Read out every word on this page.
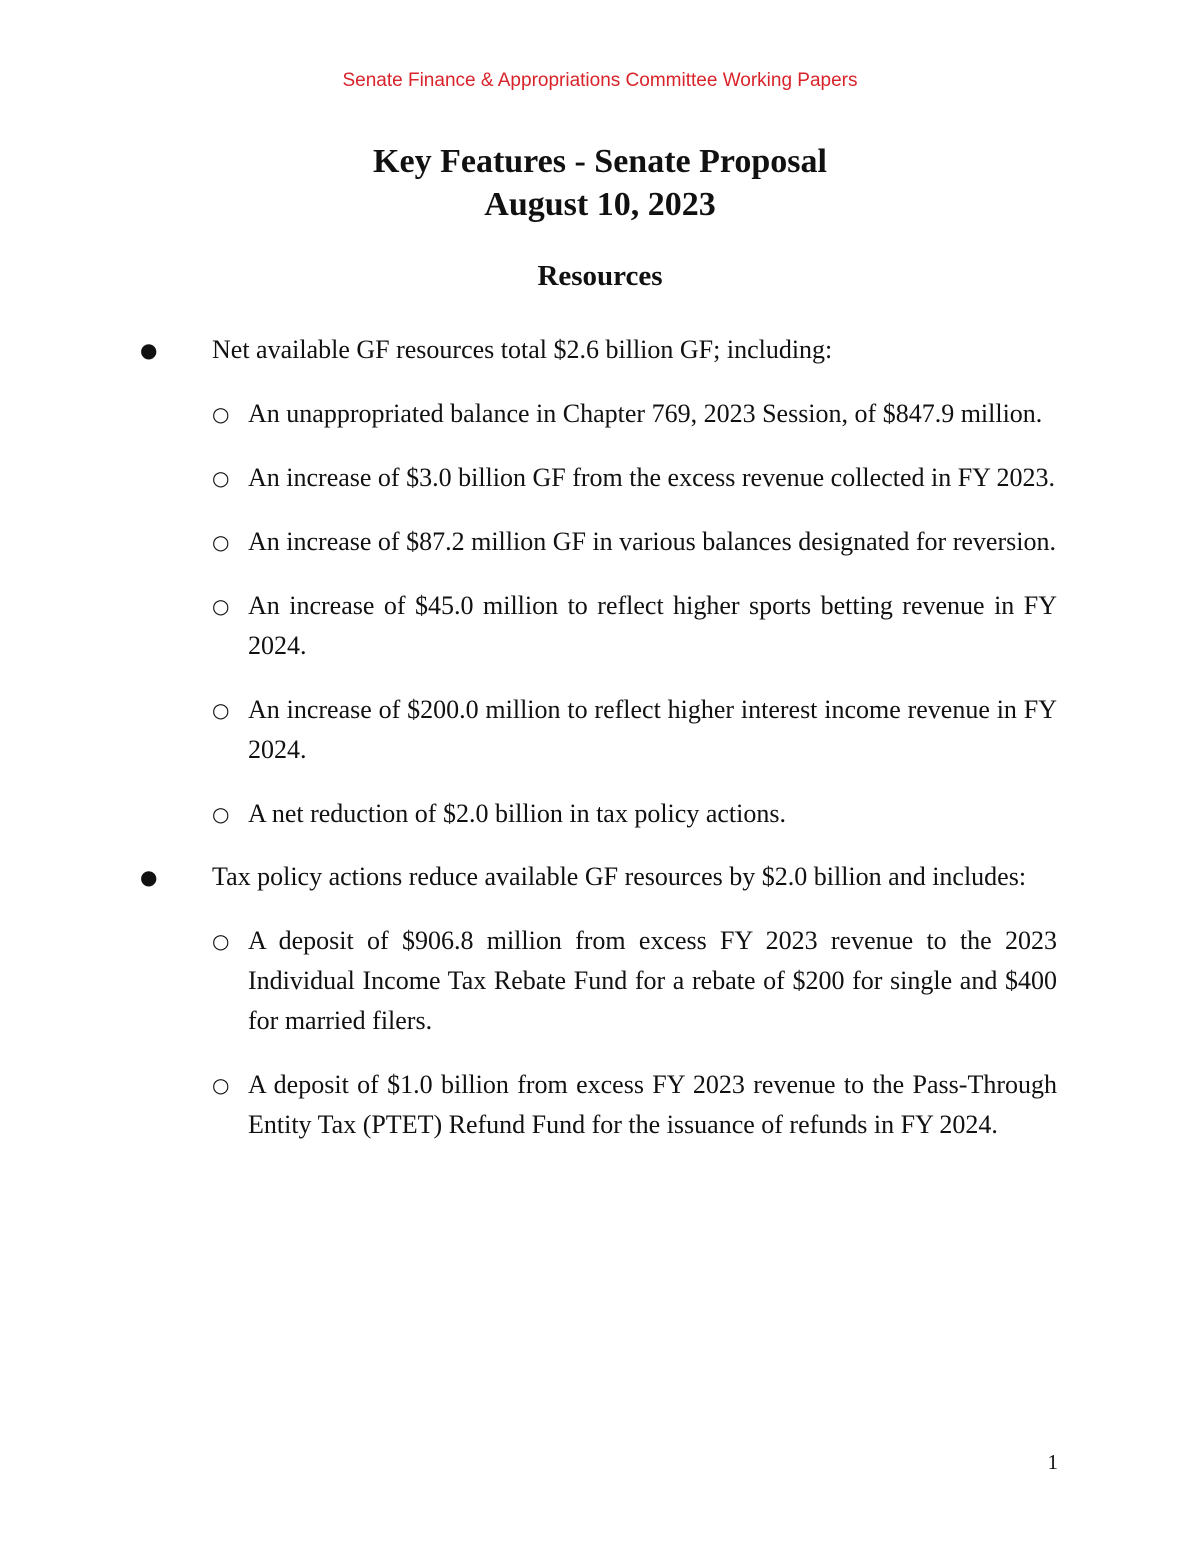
Senate Finance & Appropriations Committee Working Papers
Key Features - Senate Proposal
August 10, 2023
Resources
● Net available GF resources total $2.6 billion GF; including:
○ An unappropriated balance in Chapter 769, 2023 Session, of $847.9 million.
○ An increase of $3.0 billion GF from the excess revenue collected in FY 2023.
○ An increase of $87.2 million GF in various balances designated for reversion.
○ An increase of $45.0 million to reflect higher sports betting revenue in FY 2024.
○ An increase of $200.0 million to reflect higher interest income revenue in FY 2024.
○ A net reduction of $2.0 billion in tax policy actions.
● Tax policy actions reduce available GF resources by $2.0 billion and includes:
○ A deposit of $906.8 million from excess FY 2023 revenue to the 2023 Individual Income Tax Rebate Fund for a rebate of $200 for single and $400 for married filers.
○ A deposit of $1.0 billion from excess FY 2023 revenue to the Pass-Through Entity Tax (PTET) Refund Fund for the issuance of refunds in FY 2024.
1
